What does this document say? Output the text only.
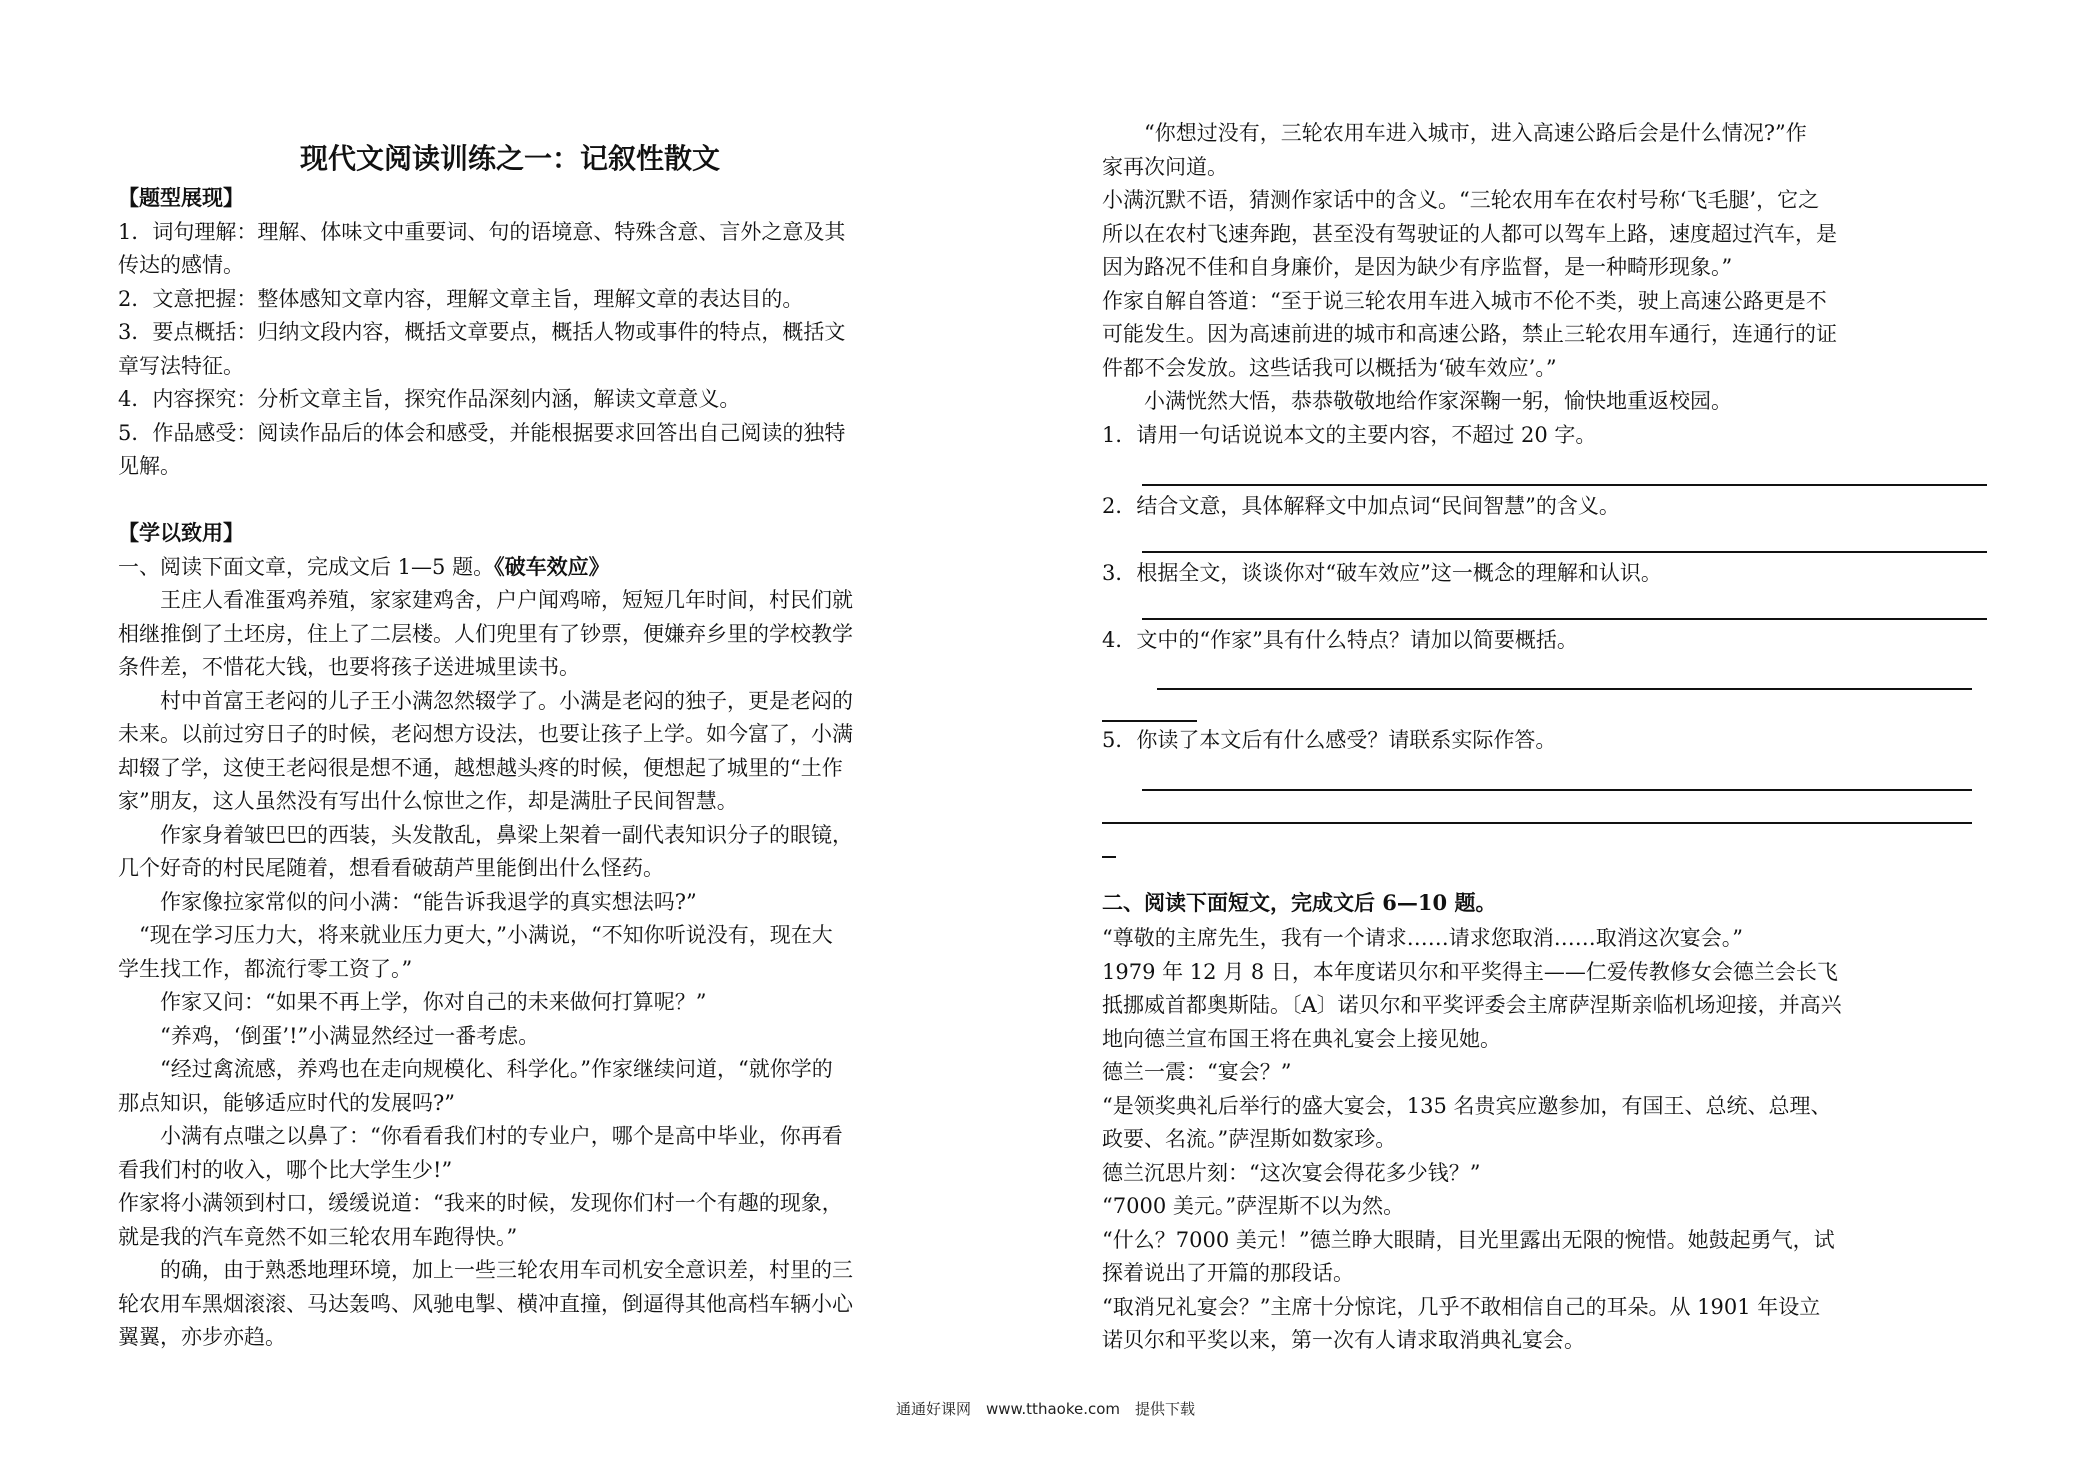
现代文阅读训练之一：记叙性散文
【题型展现】
1．词句理解：理解、体味文中重要词、句的语境意、特殊含意、言外之意及其
传达的感情。
2．文意把握：整体感知文章内容，理解文章主旨，理解文章的表达目的。
3．要点概括：归纳文段内容，概括文章要点，概括人物或事件的特点，概括文
章写法特征。
4．内容探究：分析文章主旨，探究作品深刻内涵，解读文章意义。
5．作品感受：阅读作品后的体会和感受，并能根据要求回答出自己阅读的独特
见解。
【学以致用】
一、阅读下面文章，完成文后 1—5 题。《破车效应》
　　王庄人看准蛋鸡养殖，家家建鸡舍，户户闻鸡啼，短短几年时间，村民们就
相继推倒了土坯房，住上了二层楼。人们兜里有了钞票，便嫌弃乡里的学校教学
条件差，不惜花大钱，也要将孩子送进城里读书。
　　村中首富王老闷的儿子王小满忽然辍学了。小满是老闷的独子，更是老闷的
未来。以前过穷日子的时候，老闷想方设法，也要让孩子上学。如今富了，小满
却辍了学，这使王老闷很是想不通，越想越头疼的时候，便想起了城里的“土作
家”朋友，这人虽然没有写出什么惊世之作，却是满肚子民间智慧。
　　作家身着皱巴巴的西装，头发散乱，鼻梁上架着一副代表知识分子的眼镜，
几个好奇的村民尾随着，想看看破葫芦里能倒出什么怪药。
　　作家像拉家常似的问小满：“能告诉我退学的真实想法吗?”
　“现在学习压力大，将来就业压力更大，”小满说，“不知你听说没有，现在大
学生找工作，都流行零工资了。”
　　作家又问：“如果不再上学，你对自己的未来做何打算呢？”
　　“养鸡，‘倒蛋’!”小满显然经过一番考虑。
　　“经过禽流感，养鸡也在走向规模化、科学化。”作家继续问道，“就你学的
那点知识，能够适应时代的发展吗?”
　　小满有点嗤之以鼻了：“你看看我们村的专业户，哪个是高中毕业，你再看
看我们村的收入，哪个比大学生少!”
作家将小满领到村口，缓缓说道：“我来的时候，发现你们村一个有趣的现象，
就是我的汽车竟然不如三轮农用车跑得快。”
　　的确，由于熟悉地理环境，加上一些三轮农用车司机安全意识差，村里的三
轮农用车黑烟滚滚、马达轰鸣、风驰电掣、横冲直撞，倒逼得其他高档车辆小心
翼翼，亦步亦趋。
　　“你想过没有，三轮农用车进入城市，进入高速公路后会是什么情况?”作
家再次问道。
小满沉默不语，猜测作家话中的含义。“三轮农用车在农村号称‘飞毛腿’，它之
所以在农村飞速奔跑，甚至没有驾驶证的人都可以驾车上路，速度超过汽车，是
因为路况不佳和自身廉价，是因为缺少有序监督，是一种畸形现象。”
作家自解自答道：“至于说三轮农用车进入城市不伦不类，驶上高速公路更是不
可能发生。因为高速前进的城市和高速公路，禁止三轮农用车通行，连通行的证
件都不会发放。这些话我可以概括为‘破车效应’。”
　　小满恍然大悟，恭恭敬敬地给作家深鞠一躬，愉快地重返校园。
1．请用一句话说说本文的主要内容，不超过 20 字。
2．结合文意，具体解释文中加点词“民间智慧”的含义。
3．根据全文，谈谈你对“破车效应”这一概念的理解和认识。
4．文中的“作家”具有什么特点？请加以简要概括。
5．你读了本文后有什么感受？请联系实际作答。
二、阅读下面短文，完成文后 6—10 题。
“尊敬的主席先生，我有一个请求……请求您取消……取消这次宴会。”
1979 年 12 月 8 日，本年度诺贝尔和平奖得主——仁爱传教修女会德兰会长飞
抵挪威首都奥斯陆。〔A〕诺贝尔和平奖评委会主席萨涅斯亲临机场迎接，并高兴
地向德兰宣布国王将在典礼宴会上接见她。
德兰一震：“宴会？”
“是领奖典礼后举行的盛大宴会，135 名贵宾应邀参加，有国王、总统、总理、
政要、名流。”萨涅斯如数家珍。
德兰沉思片刻：“这次宴会得花多少钱？”
“7000 美元。”萨涅斯不以为然。
“什么？7000 美元！”德兰睁大眼睛，目光里露出无限的惋惜。她鼓起勇气，试
探着说出了开篇的那段话。
“取消兄礼宴会？”主席十分惊诧，几乎不敢相信自己的耳朵。从 1901 年设立
诺贝尔和平奖以来，第一次有人请求取消典礼宴会。
通通好课网　www.tthaoke.com　提供下载
